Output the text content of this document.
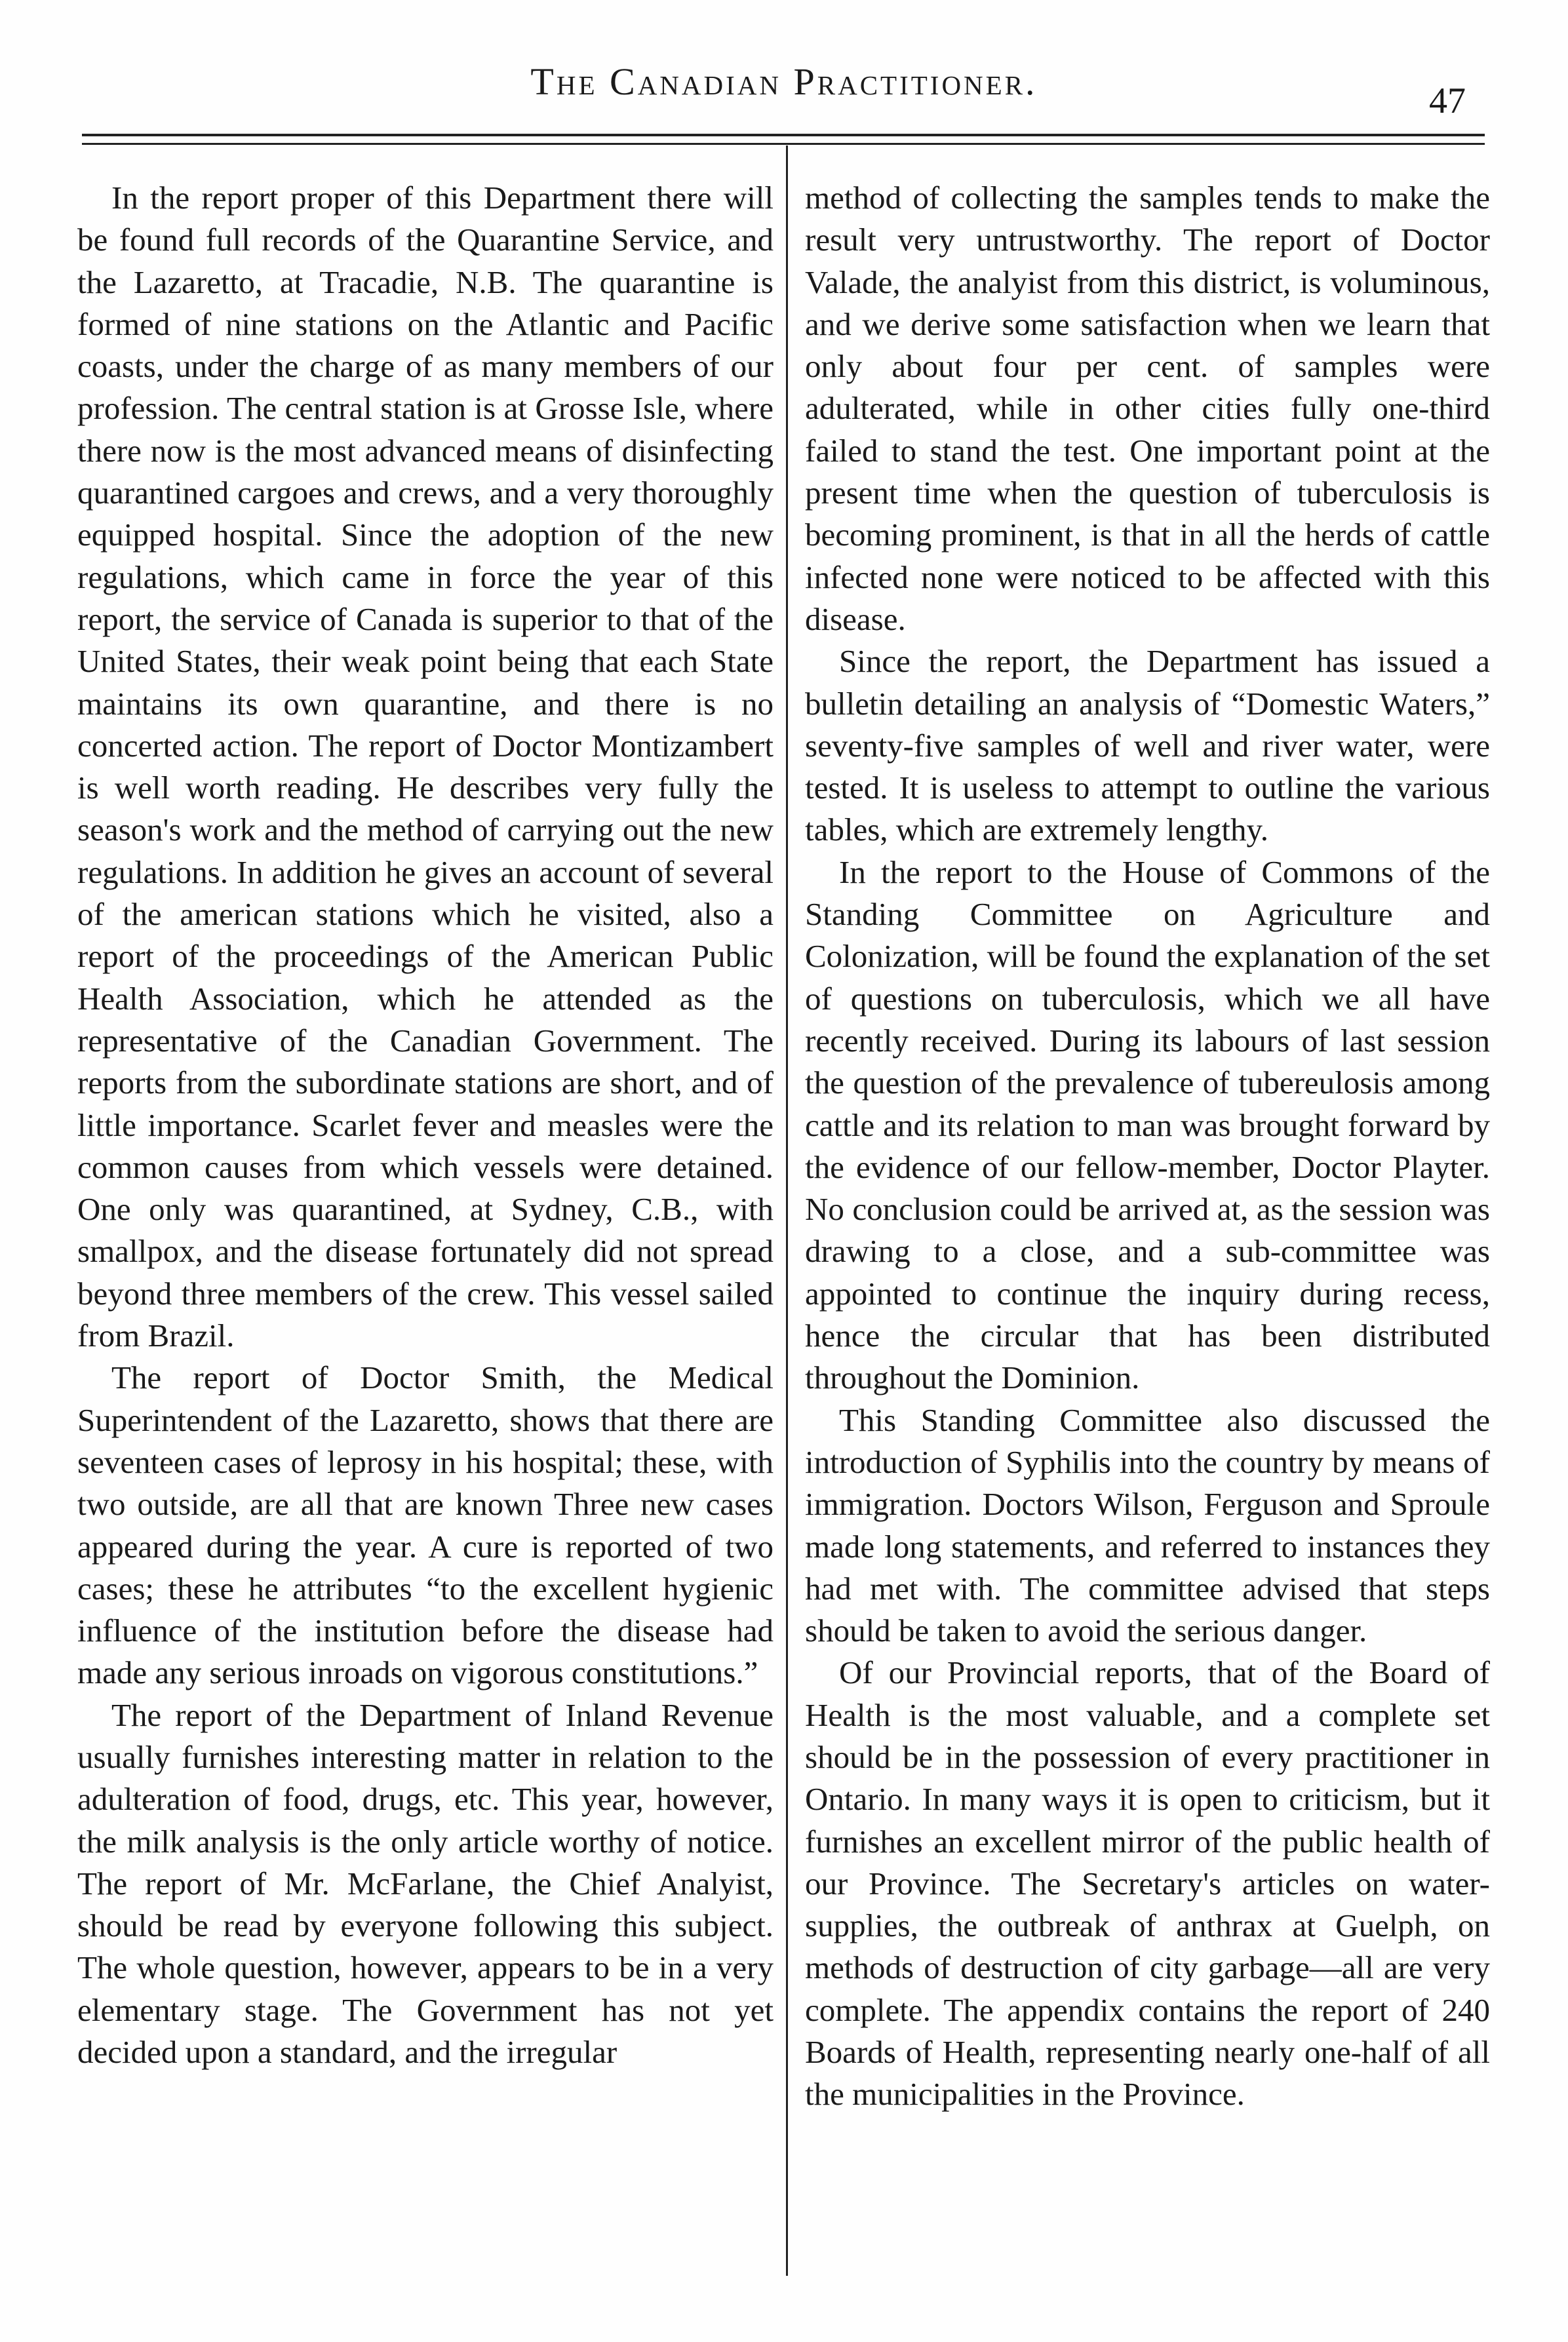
The Canadian Practitioner.	47

In the report proper of this Department there will be found full records of the Quarantine Service, and the Lazaretto, at Tracadie, N.B. The quarantine is formed of nine stations on the Atlantic and Pacific coasts, under the charge of as many members of our profession. The central station is at Grosse Isle, where there now is the most advanced means of disinfecting quarantined cargoes and crews, and a very thoroughly equipped hospital. Since the adoption of the new regulations, which came in force the year of this report, the service of Canada is superior to that of the United States, their weak point being that each State maintains its own quarantine, and there is no concerted action. The report of Doctor Montizambert is well worth reading. He describes very fully the season's work and the method of carrying out the new regulations. In addition he gives an account of several of the american stations which he visited, also a report of the proceedings of the American Public Health Association, which he attended as the representative of the Canadian Government. The reports from the subordinate stations are short, and of little importance. Scarlet fever and measles were the common causes from which vessels were detained. One only was quarantined, at Sydney, C.B., with smallpox, and the disease fortunately did not spread beyond three members of the crew. This vessel sailed from Brazil.

The report of Doctor Smith, the Medical Superintendent of the Lazaretto, shows that there are seventeen cases of leprosy in his hospital; these, with two outside, are all that are known Three new cases appeared during the year. A cure is reported of two cases; these he attributes “to the excellent hygienic influence of the institution before the disease had made any serious inroads on vigorous constitutions.”

The report of the Department of Inland Revenue usually furnishes interesting matter in relation to the adulteration of food, drugs, etc. This year, however, the milk analysis is the only article worthy of notice. The report of Mr. McFarlane, the Chief Analyist, should be read by everyone following this subject. The whole question, however, appears to be in a very elementary stage. The Government has not yet decided upon a standard, and the irregular

method of collecting the samples tends to make the result very untrustworthy. The report of Doctor Valade, the analyist from this district, is voluminous, and we derive some satisfaction when we learn that only about four per cent. of samples were adulterated, while in other cities fully one-third failed to stand the test. One important point at the present time when the question of tuberculosis is becoming prominent, is that in all the herds of cattle infected none were noticed to be affected with this disease.

Since the report, the Department has issued a bulletin detailing an analysis of “Domestic Waters,” seventy-five samples of well and river water, were tested. It is useless to attempt to outline the various tables, which are extremely lengthy.

In the report to the House of Commons of the Standing Committee on Agriculture and Colonization, will be found the explanation of the set of questions on tuberculosis, which we all have recently received. During its labours of last session the question of the prevalence of tubereulosis among cattle and its relation to man was brought forward by the evidence of our fellow-member, Doctor Playter. No conclusion could be arrived at, as the session was drawing to a close, and a sub-committee was appointed to continue the inquiry during recess, hence the circular that has been distributed throughout the Dominion.

This Standing Committee also discussed the introduction of Syphilis into the country by means of immigration. Doctors Wilson, Ferguson and Sproule made long statements, and referred to instances they had met with. The committee advised that steps should be taken to avoid the serious danger.

Of our Provincial reports, that of the Board of Health is the most valuable, and a complete set should be in the possession of every practitioner in Ontario. In many ways it is open to criticism, but it furnishes an excellent mirror of the public health of our Province. The Secretary's articles on water-supplies, the outbreak of anthrax at Guelph, on methods of destruction of city garbage—all are very complete. The appendix contains the report of 240 Boards of Health, representing nearly one-half of all the municipalities in the Province.
